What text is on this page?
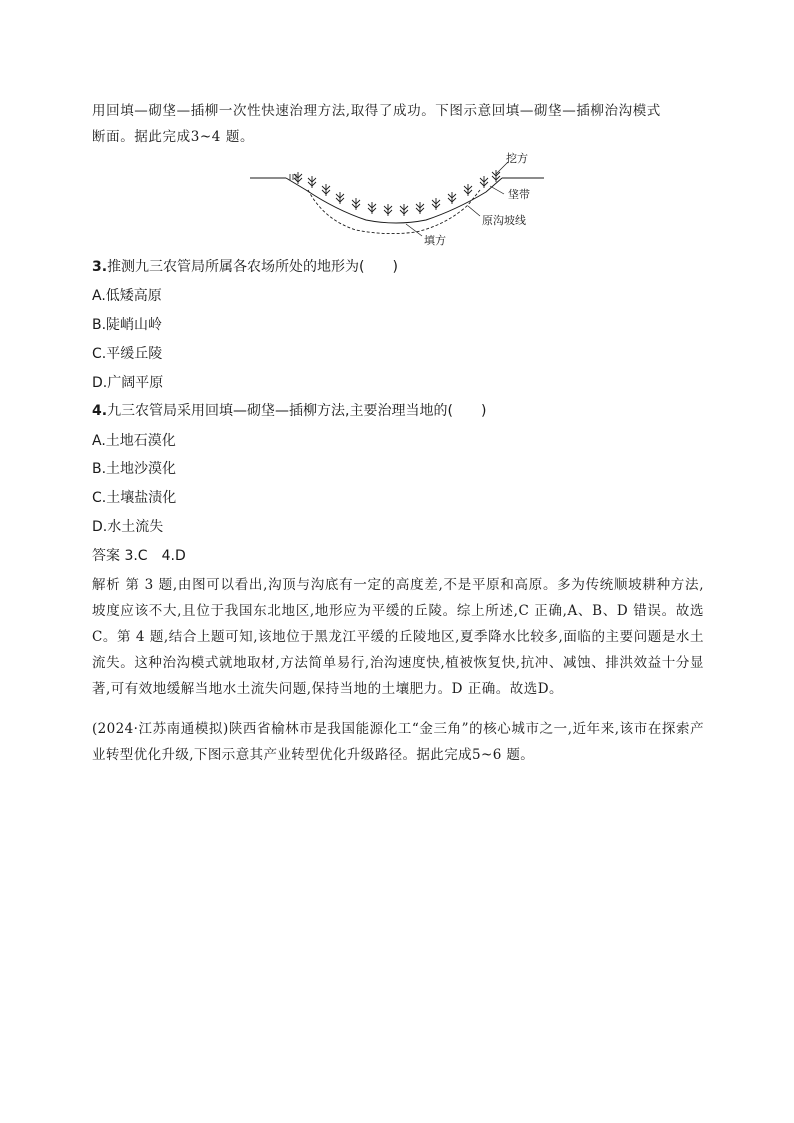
用回填—砌垡—插柳一次性快速治理方法,取得了成功。下图示意回填—砌垡—插柳治沟模式
断面。据此完成3~4 题。
挖方
垡带
原沟坡线
填方
3.推测九三农管局所属各农场所处的地形为(　　)
A.低矮高原
B.陡峭山岭
C.平缓丘陵
D.广阔平原
4.九三农管局采用回填—砌垡—插柳方法,主要治理当地的(　　)
A.土地石漠化
B.土地沙漠化
C.土壤盐渍化
D.水土流失
答案 3.C　4.D
解析 第 3 题,由图可以看出,沟顶与沟底有一定的高度差,不是平原和高原。多为传统顺坡耕种方法,坡度应该不大,且位于我国东北地区,地形应为平缓的丘陵。综上所述,C 正确,A、B、D 错误。故选C。第 4 题,结合上题可知,该地位于黑龙江平缓的丘陵地区,夏季降水比较多,面临的主要问题是水土流失。这种治沟模式就地取材,方法简单易行,治沟速度快,植被恢复快,抗冲、减蚀、排洪效益十分显著,可有效地缓解当地水土流失问题,保持当地的土壤肥力。D 正确。故选D。
(2024·江苏南通模拟)陕西省榆林市是我国能源化工“金三角”的核心城市之一,近年来,该市在探索产业转型优化升级,下图示意其产业转型优化升级路径。据此完成5~6 题。
